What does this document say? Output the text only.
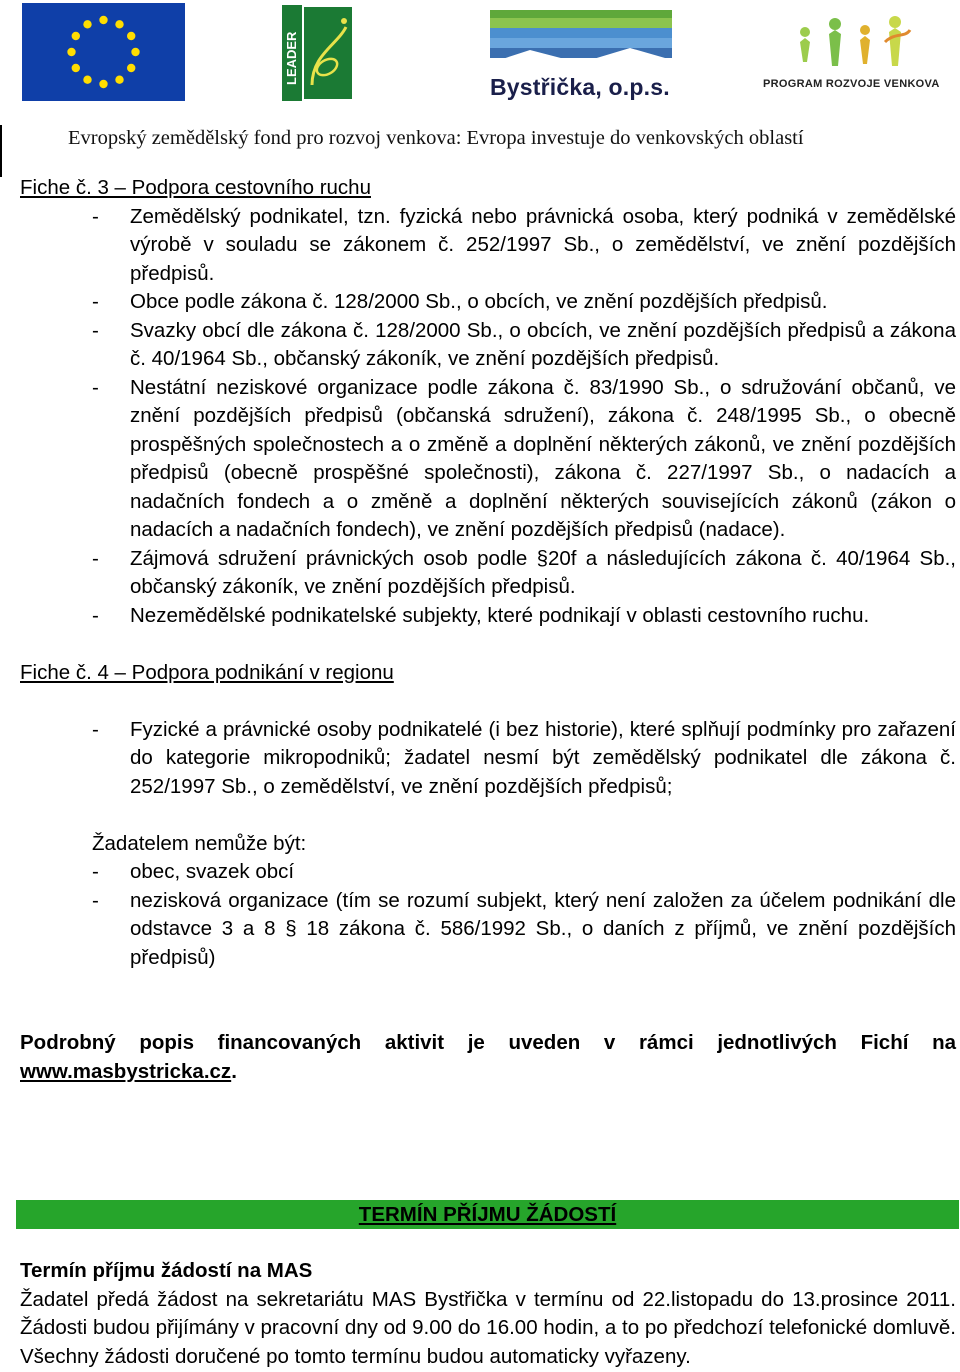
LEADER
Bystřička, o.p.s.	PROGRAM ROZVOJE VENKOVA
Evropský zemědělský fond pro rozvoj venkova: Evropa investuje do venkovských oblastí

Fiche č. 3 – Podpora cestovního ruchu

- Zemědělský podnikatel, tzn. fyzická nebo právnická osoba, který podniká v zemědělské výrobě v souladu se zákonem č. 252/1997 Sb., o zemědělství, ve znění pozdějších předpisů.

- Obce podle zákona č. 128/2000 Sb., o obcích, ve znění pozdějších předpisů.

- Svazky obcí dle zákona č. 128/2000 Sb., o obcích, ve znění pozdějších předpisů a zákona č. 40/1964 Sb., občanský zákoník, ve znění pozdějších předpisů.

- Nestátní neziskové organizace podle zákona č. 83/1990 Sb., o sdružování občanů, ve znění pozdějších předpisů (občanská sdružení), zákona č. 248/1995 Sb., o obecně prospěšných společnostech a o změně a doplnění některých zákonů, ve znění pozdějších předpisů (obecně prospěšné společnosti), zákona č. 227/1997 Sb., o nadacích a nadačních fondech a o změně a doplnění některých souvisejících zákonů (zákon o nadacích a nadačních fondech), ve znění pozdějších předpisů (nadace).

- Zájmová sdružení právnických osob podle §20f a následujících zákona č. 40/1964 Sb., občanský zákoník, ve znění pozdějších předpisů.

- Nezemědělské podnikatelské subjekty, které podnikají v oblasti cestovního ruchu.

Fiche č. 4 – Podpora podnikání v regionu

- Fyzické a právnické osoby podnikatelé (i bez historie), které splňují podmínky pro zařazení do kategorie mikropodniků; žadatel nesmí být zemědělský podnikatel dle zákona č. 252/1997 Sb., o zemědělství, ve znění pozdějších předpisů;

Žadatelem nemůže být:

- obec, svazek obcí

- nezisková organizace (tím se rozumí subjekt, který není založen za účelem podnikání dle odstavce 3 a 8 § 18 zákona č. 586/1992 Sb., o daních z příjmů, ve znění pozdějších předpisů)

Podrobný popis financovaných aktivit je uveden v rámci jednotlivých Fichí na www.masbystricka.cz.

TERMÍN PŘÍJMU ŽÁDOSTÍ

Termín příjmu žádostí na MAS

Žadatel předá žádost na sekretariátu MAS Bystřička v termínu od 22.listopadu do 13.prosince 2011. Žádosti budou přijímány v pracovní dny od 9.00 do 16.00 hodin, a to po předchozí telefonické domluvě. Všechny žádosti doručené po tomto termínu budou automaticky vyřazeny.
